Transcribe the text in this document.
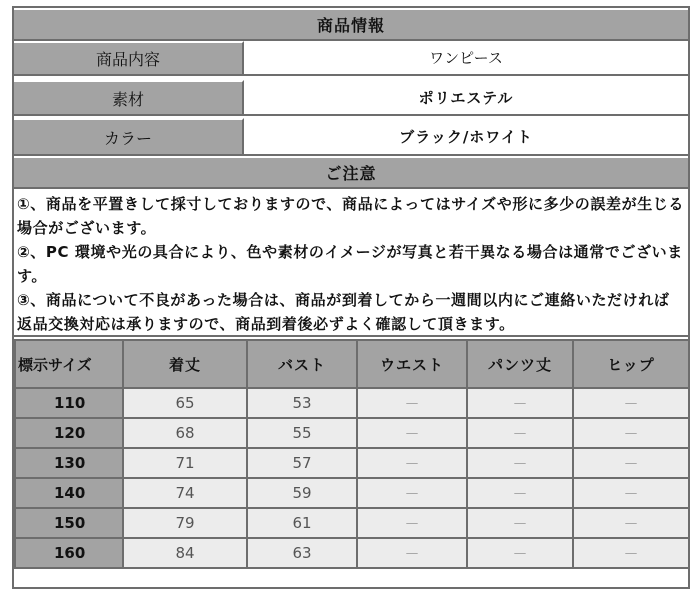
商品情報
商品内容	ワンピース
素材	ポリエステル
カラー	ブラック/ホワイト
ご注意

①、商品を平置きして採寸しておりますので、商品によってはサイズや形に多少の誤差が生じる場合がございます。

②、PC 環境や光の具合により、色や素材のイメージが写真と若干異なる場合は通常でございます。

③、商品について不良があった場合は、商品が到着してから一週間以内にご連絡いただければ返品交換対応は承りますので、商品到着後必ずよく確認して頂きます。

標示サイズ	着丈	バスト	ウエスト	パンツ丈	ヒップ
110	65	53	－	－	－
120	68	55	－	－	－
130	71	57	－	－	－
140	74	59	－	－	－
150	79	61	－	－	－
160	84	63	－	－	－
